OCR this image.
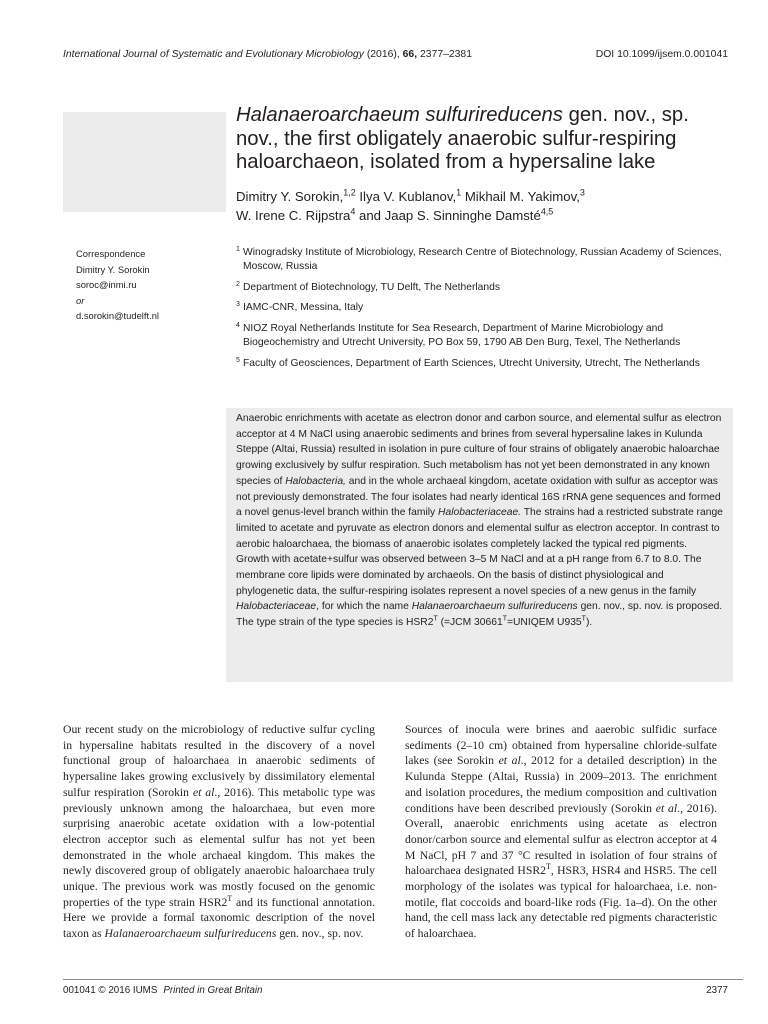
International Journal of Systematic and Evolutionary Microbiology (2016), 66, 2377–2381	DOI 10.1099/ijsem.0.001041
Halanaeroarchaeum sulfurireducens gen. nov., sp. nov., the first obligately anaerobic sulfur-respiring haloarchaeon, isolated from a hypersaline lake
Dimitry Y. Sorokin,$^{1,2}$ Ilya V. Kublanov,$^1$ Mikhail M. Yakimov,$^3$
W. Irene C. Rijpstra$^4$ and Jaap S. Sinninghe Damsté$^{4,5}$
Correspondence
Dimitry Y. Sorokin
soroc@inmi.ru
or
d.sorokin@tudelft.nl
1 Winogradsky Institute of Microbiology, Research Centre of Biotechnology, Russian Academy of Sciences, Moscow, Russia
2 Department of Biotechnology, TU Delft, The Netherlands
3 IAMC-CNR, Messina, Italy
4 NIOZ Royal Netherlands Institute for Sea Research, Department of Marine Microbiology and Biogeochemistry and Utrecht University, PO Box 59, 1790 AB Den Burg, Texel, The Netherlands
5 Faculty of Geosciences, Department of Earth Sciences, Utrecht University, Utrecht, The Netherlands
Anaerobic enrichments with acetate as electron donor and carbon source, and elemental sulfur as electron acceptor at 4 M NaCl using anaerobic sediments and brines from several hypersaline lakes in Kulunda Steppe (Altai, Russia) resulted in isolation in pure culture of four strains of obligately anaerobic haloarchae growing exclusively by sulfur respiration. Such metabolism has not yet been demonstrated in any known species of Halobacteria, and in the whole archaeal kingdom, acetate oxidation with sulfur as acceptor was not previously demonstrated. The four isolates had nearly identical 16S rRNA gene sequences and formed a novel genus-level branch within the family Halobacteriaceae. The strains had a restricted substrate range limited to acetate and pyruvate as electron donors and elemental sulfur as electron acceptor. In contrast to aerobic haloarchaea, the biomass of anaerobic isolates completely lacked the typical red pigments. Growth with acetate+sulfur was observed between 3–5 M NaCl and at a pH range from 6.7 to 8.0. The membrane core lipids were dominated by archaeols. On the basis of distinct physiological and phylogenetic data, the sulfur-respiring isolates represent a novel species of a new genus in the family Halobacteriaceae, for which the name Halanaeroarchaeum sulfurireducens gen. nov., sp. nov. is proposed. The type strain of the type species is $HSR2^T$ (=JCM $30661^T=UNIQEM$ $U935^T$).
Our recent study on the microbiology of reductive sulfur cycling in hypersaline habitats resulted in the discovery of a novel functional group of haloarchaea in anaerobic sediments of hypersaline lakes growing exclusively by dissimilatory elemental sulfur respiration (Sorokin et al., 2016). This metabolic type was previously unknown among the haloarchaea, but even more surprising anaerobic acetate oxidation with a low-potential electron acceptor such as elemental sulfur has not yet been demonstrated in the whole archaeal kingdom. This makes the newly discovered group of obligately anaerobic haloarchaea truly unique. The previous work was mostly focused on the genomic properties of the type strain $HSR2^T$ and its functional annotation. Here we provide a formal taxonomic description of the novel taxon as Halanaeroarchaeum sulfurireducens gen. nov., sp. nov.
Sources of inocula were brines and aaerobic sulfidic surface sediments (2–10 cm) obtained from hypersaline chloride-sulfate lakes (see Sorokin et al., 2012 for a detailed description) in the Kulunda Steppe (Altai, Russia) in 2009–2013. The enrichment and isolation procedures, the medium composition and cultivation conditions have been described previously (Sorokin et al., 2016). Overall, anaerobic enrichments using acetate as electron donor/carbon source and elemental sulfur as electron acceptor at 4 M NaCl, pH 7 and 37 °C resulted in isolation of four strains of haloarchaea designated $HSR2^T$, HSR3, HSR4 and HSR5. The cell morphology of the isolates was typical for haloarchaea, i.e. non-motile, flat coccoids and board-like rods (Fig. 1a–d). On the other hand, the cell mass lack any detectable red pigments characteristic of haloarchaea.
001041 © 2016 IUMS Printed in Great Britain	2377
